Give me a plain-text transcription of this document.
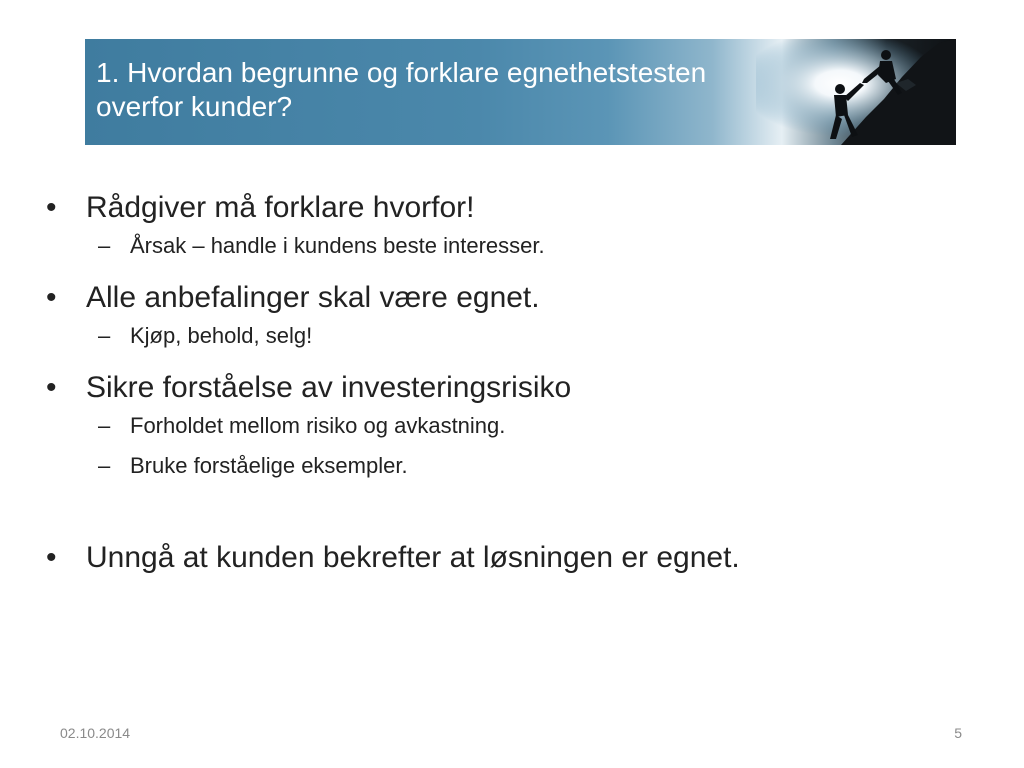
1. Hvordan begrunne og forklare egnethetstesten
overfor kunder?
• Rådgiver må forklare hvorfor!
– Årsak – handle i kundens beste interesser.
• Alle anbefalinger skal være egnet.
– Kjøp, behold, selg!
• Sikre forståelse av investeringsrisiko
– Forholdet mellom risiko og avkastning.
– Bruke forståelige eksempler.
• Unngå at kunden bekrefter at løsningen er egnet.
02.10.2014	5
